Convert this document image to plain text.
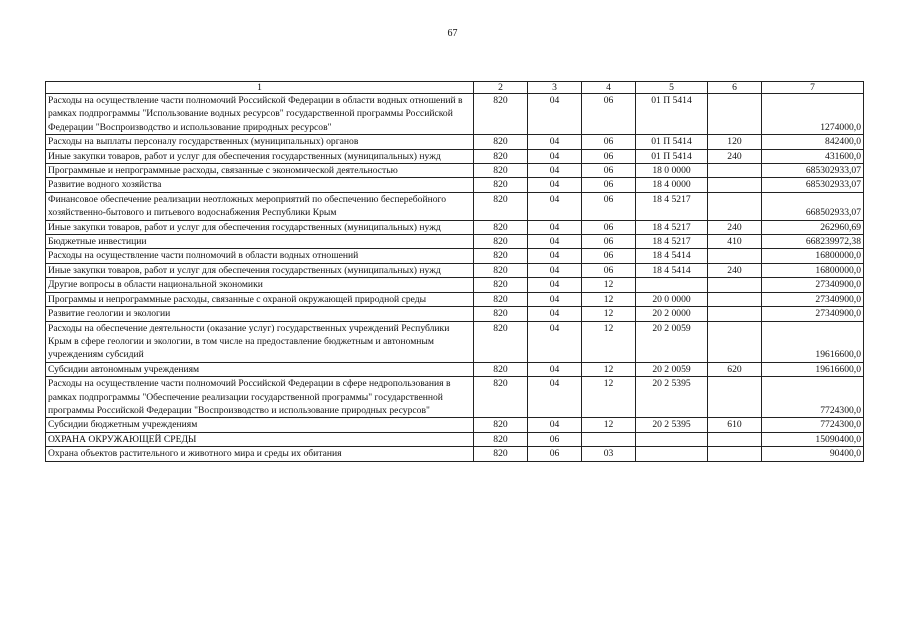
67
1	2	3	4	5	6	7
Расходы на осуществление части полномочий Российской Федерации в области водных отношений в рамках подпрограммы "Использование водных ресурсов" государственной программы Российской Федерации "Воспроизводство и использование природных ресурсов"	820	04	06	01 П 5414		1274000,0
Расходы на выплаты персоналу государственных (муниципальных) органов	820	04	06	01 П 5414	120	842400,0
Иные закупки товаров, работ и услуг для обеспечения государственных (муниципальных) нужд	820	04	06	01 П 5414	240	431600,0
Программные и непрограммные расходы, связанные с экономической деятельностью	820	04	06	18 0 0000		685302933,07
Развитие водного хозяйства	820	04	06	18 4 0000		685302933,07
Финансовое обеспечение реализации неотложных мероприятий по обеспечению бесперебойного хозяйственно-бытового и питьевого водоснабжения Республики Крым	820	04	06	18 4 5217		668502933,07
Иные закупки товаров, работ и услуг для обеспечения государственных (муниципальных) нужд	820	04	06	18 4 5217	240	262960,69
Бюджетные инвестиции	820	04	06	18 4 5217	410	668239972,38
Расходы на осуществление части полномочий в области водных отношений	820	04	06	18 4 5414		16800000,0
Иные закупки товаров, работ и услуг для обеспечения государственных (муниципальных) нужд	820	04	06	18 4 5414	240	16800000,0
Другие вопросы в области национальной экономики	820	04	12			27340900,0
Программы и непрограммные расходы, связанные с охраной окружающей природной среды	820	04	12	20 0 0000		27340900,0
Развитие геологии и экологии	820	04	12	20 2 0000		27340900,0
Расходы на обеспечение деятельности (оказание услуг) государственных учреждений Республики Крым в сфере геологии и экологии, в том числе на предоставление бюджетным и автономным учреждениям субсидий	820	04	12	20 2 0059		19616600,0
Субсидии автономным учреждениям	820	04	12	20 2 0059	620	19616600,0
Расходы на осуществление части полномочий Российской Федерации в сфере недропользования в рамках подпрограммы "Обеспечение реализации государственной программы" государственной программы Российской Федерации "Воспроизводство и использование природных ресурсов"	820	04	12	20 2 5395		7724300,0
Субсидии бюджетным учреждениям	820	04	12	20 2 5395	610	7724300,0
ОХРАНА ОКРУЖАЮЩЕЙ СРЕДЫ	820	06				15090400,0
Охрана объектов растительного и животного мира и среды их обитания	820	06	03			90400,0
